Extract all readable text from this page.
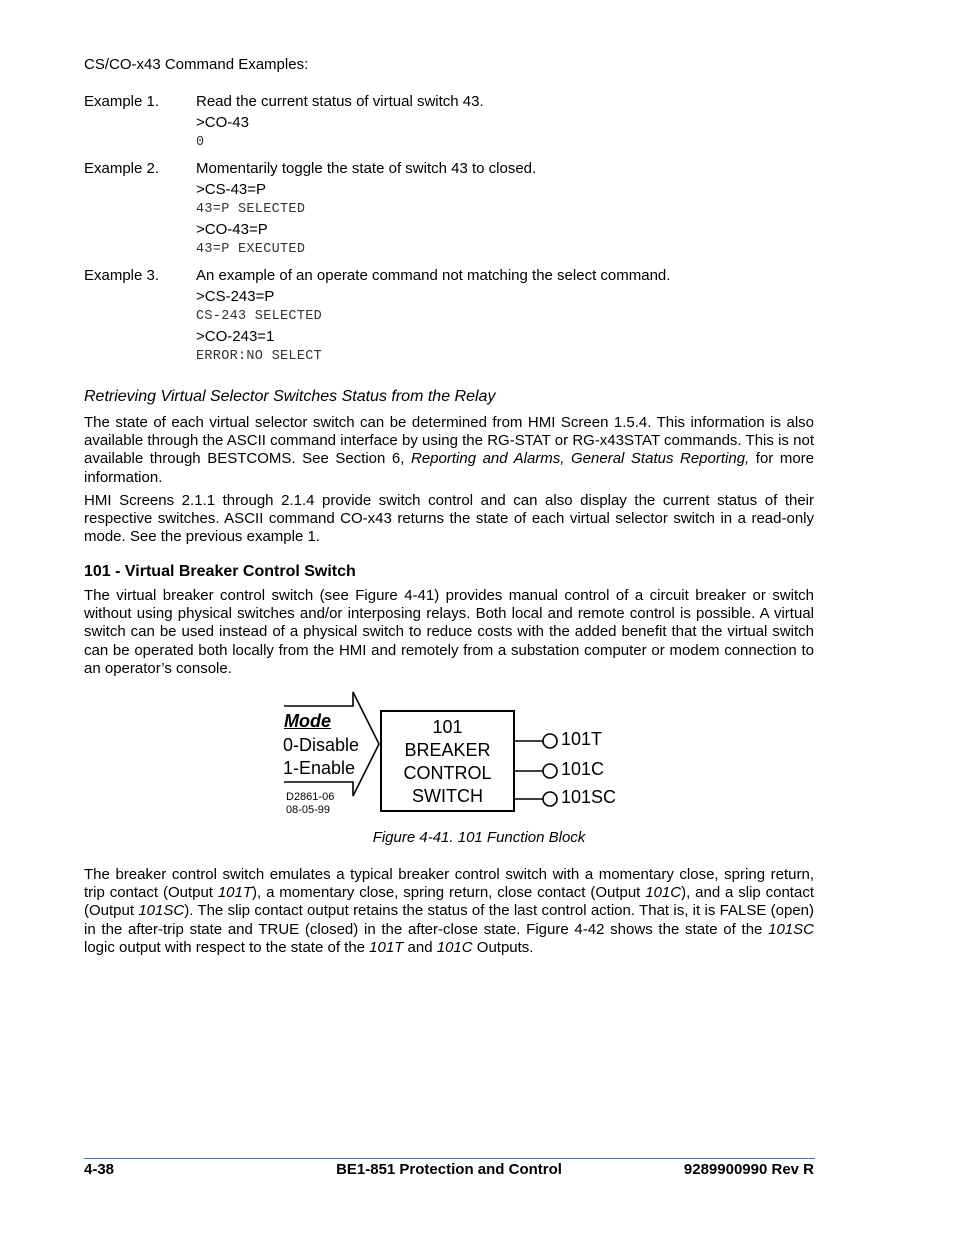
CS/CO-x43 Command Examples:
Example 1. Read the current status of virtual switch 43.
>CO-43
0
Example 2. Momentarily toggle the state of switch 43 to closed.
>CS-43=P
43=P SELECTED
>CO-43=P
43=P EXECUTED
Example 3. An example of an operate command not matching the select command.
>CS-243=P
CS-243 SELECTED
>CO-243=1
ERROR:NO SELECT
Retrieving Virtual Selector Switches Status from the Relay
The state of each virtual selector switch can be determined from HMI Screen 1.5.4. This information is also available through the ASCII command interface by using the RG-STAT or RG-x43STAT commands. This is not available through BESTCOMS. See Section 6, Reporting and Alarms, General Status Reporting, for more information.
HMI Screens 2.1.1 through 2.1.4 provide switch control and can also display the current status of their respective switches. ASCII command CO-x43 returns the state of each virtual selector switch in a read-only mode. See the previous example 1.
101 - Virtual Breaker Control Switch
The virtual breaker control switch (see Figure 4-41) provides manual control of a circuit breaker or switch without using physical switches and/or interposing relays. Both local and remote control is possible. A virtual switch can be used instead of a physical switch to reduce costs with the added benefit that the virtual switch can be operated both locally from the HMI and remotely from a substation computer or modem connection to an operator’s console.
Mode
0-Disable
1-Enable
D2861-06
08-05-99
101
BREAKER
CONTROL
SWITCH
101T
101C
101SC
Figure 4-41. 101 Function Block
The breaker control switch emulates a typical breaker control switch with a momentary close, spring return, trip contact (Output 101T), a momentary close, spring return, close contact (Output 101C), and a slip contact (Output 101SC). The slip contact output retains the status of the last control action. That is, it is FALSE (open) in the after-trip state and TRUE (closed) in the after-close state. Figure 4-42 shows the state of the 101SC logic output with respect to the state of the 101T and 101C Outputs.
4-38	BE1-851 Protection and Control	9289900990 Rev R
